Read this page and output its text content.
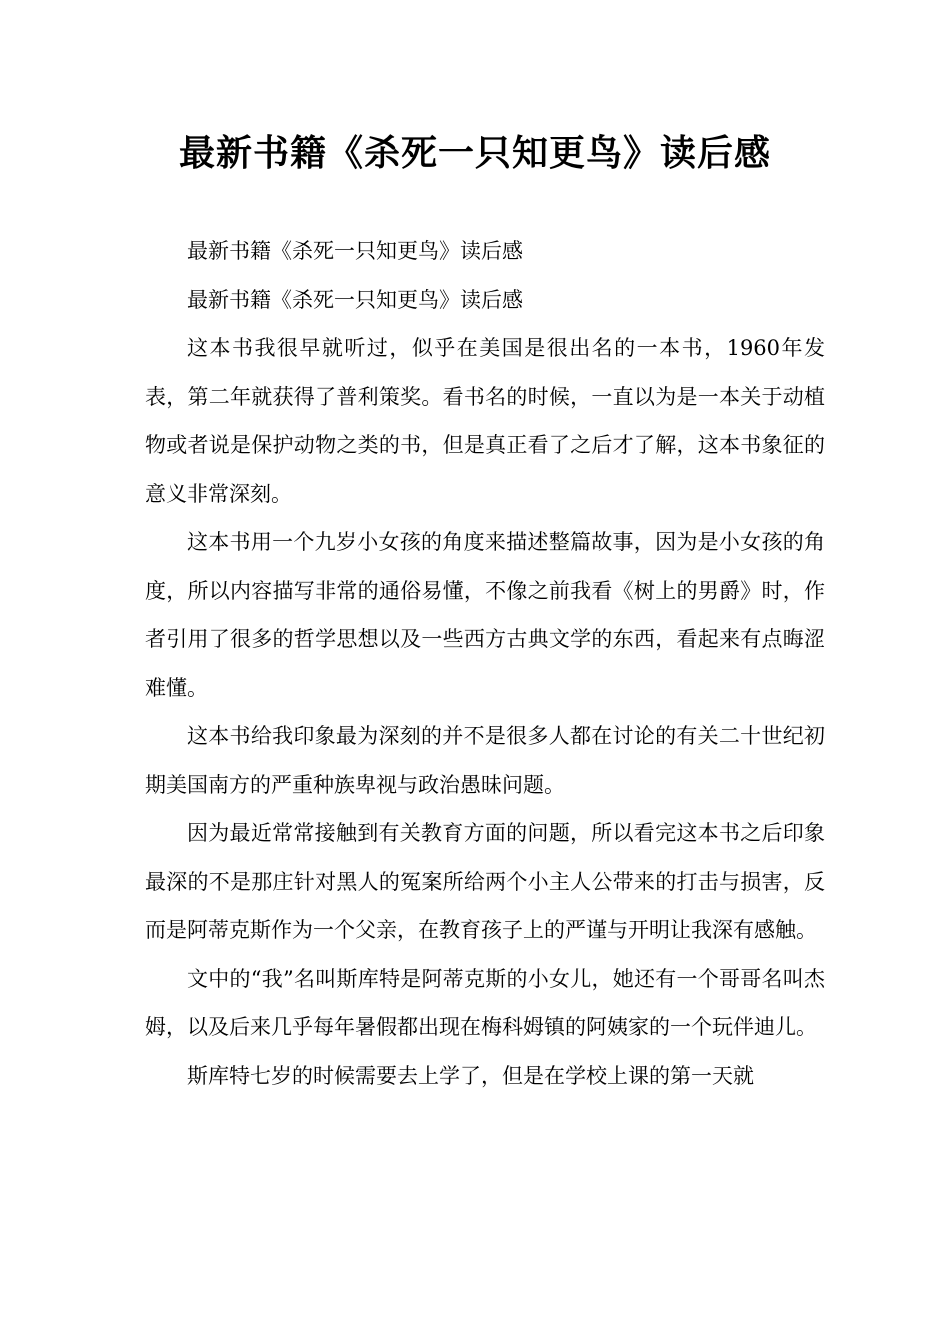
最新书籍《杀死一只知更鸟》读后感

最新书籍《杀死一只知更鸟》读后感

最新书籍《杀死一只知更鸟》读后感

这本书我很早就听过，似乎在美国是很出名的一本书，1960年发表，第二年就获得了普利策奖。看书名的时候，一直以为是一本关于动植物或者说是保护动物之类的书，但是真正看了之后才了解，这本书象征的意义非常深刻。

这本书用一个九岁小女孩的角度来描述整篇故事，因为是小女孩的角度，所以内容描写非常的通俗易懂，不像之前我看《树上的男爵》时，作者引用了很多的哲学思想以及一些西方古典文学的东西，看起来有点晦涩难懂。

这本书给我印象最为深刻的并不是很多人都在讨论的有关二十世纪初期美国南方的严重种族卑视与政治愚昧问题。

因为最近常常接触到有关教育方面的问题，所以看完这本书之后印象最深的不是那庄针对黑人的冤案所给两个小主人公带来的打击与损害，反而是阿蒂克斯作为一个父亲，在教育孩子上的严谨与开明让我深有感触。

文中的“我”名叫斯库特是阿蒂克斯的小女儿，她还有一个哥哥名叫杰姆，以及后来几乎每年暑假都出现在梅科姆镇的阿姨家的一个玩伴迪儿。

斯库特七岁的时候需要去上学了，但是在学校上课的第一天就
